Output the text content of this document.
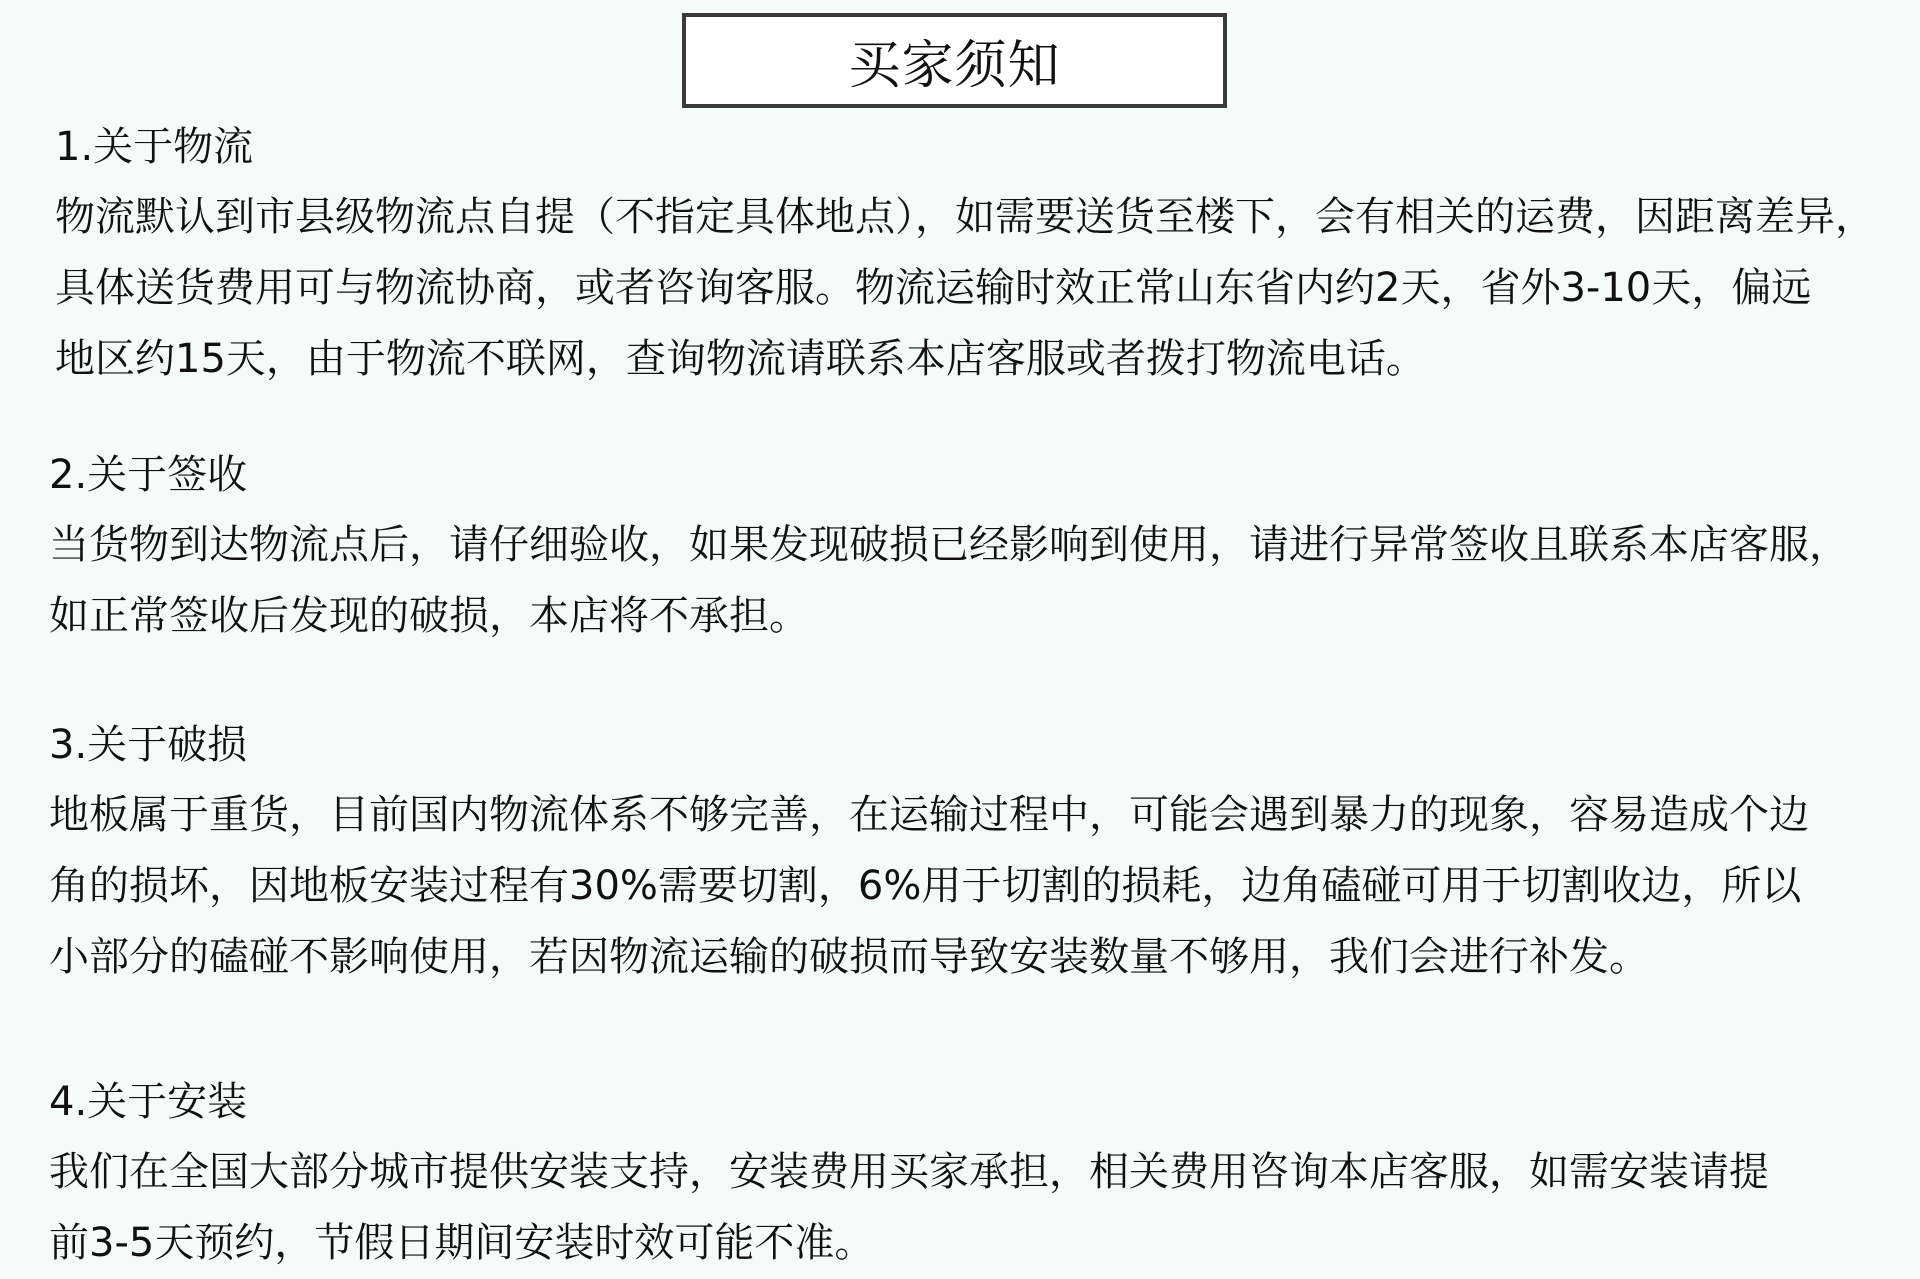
买家须知
1.关于物流
物流默认到市县级物流点自提（不指定具体地点），如需要送货至楼下，会有相关的运费，因距离差异，
具体送货费用可与物流协商，或者咨询客服。物流运输时效正常山东省内约2天，省外3-10天，偏远
地区约15天，由于物流不联网，查询物流请联系本店客服或者拨打物流电话。
2.关于签收
当货物到达物流点后，请仔细验收，如果发现破损已经影响到使用，请进行异常签收且联系本店客服，
如正常签收后发现的破损，本店将不承担。
3.关于破损
地板属于重货，目前国内物流体系不够完善，在运输过程中，可能会遇到暴力的现象，容易造成个边
角的损坏，因地板安装过程有30%需要切割，6%用于切割的损耗，边角磕碰可用于切割收边，所以
小部分的磕碰不影响使用，若因物流运输的破损而导致安装数量不够用，我们会进行补发。
4.关于安装
我们在全国大部分城市提供安装支持，安装费用买家承担，相关费用咨询本店客服，如需安装请提
前3-5天预约，节假日期间安装时效可能不准。
